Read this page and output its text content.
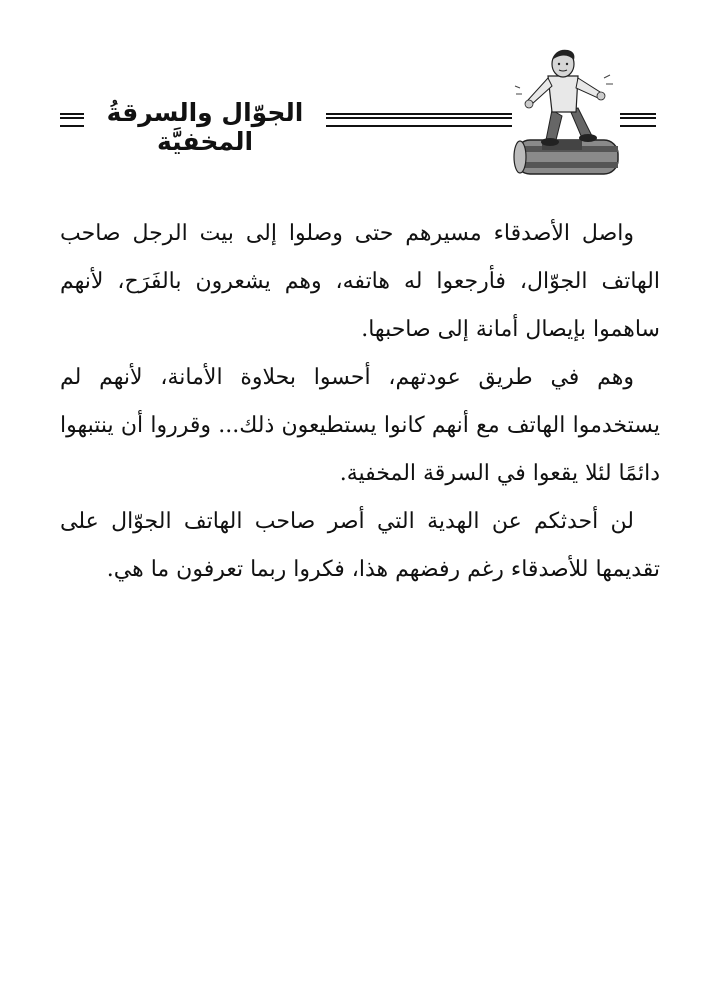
الجوّال والسرقةُ المخفيَّة

واصل الأصدقاء مسيرهم حتى وصلوا إلى بيت الرجل صاحب الهاتف الجوّال، فأرجعوا له هاتفه، وهم يشعرون بالفَرَح، لأنهم ساهموا بإيصال أمانة إلى صاحبها.

وهم في طريق عودتهم، أحسوا بحلاوة الأمانة، لأنهم لم يستخدموا الهاتف مع أنهم كانوا يستطيعون ذلك... وقرروا أن ينتبهوا دائمًا لئلا يقعوا في السرقة المخفية.

لن أحدثكم عن الهدية التي أصر صاحب الهاتف الجوّال على تقديمها للأصدقاء رغم رفضهم هذا، فكروا ربما تعرفون ما هي.
